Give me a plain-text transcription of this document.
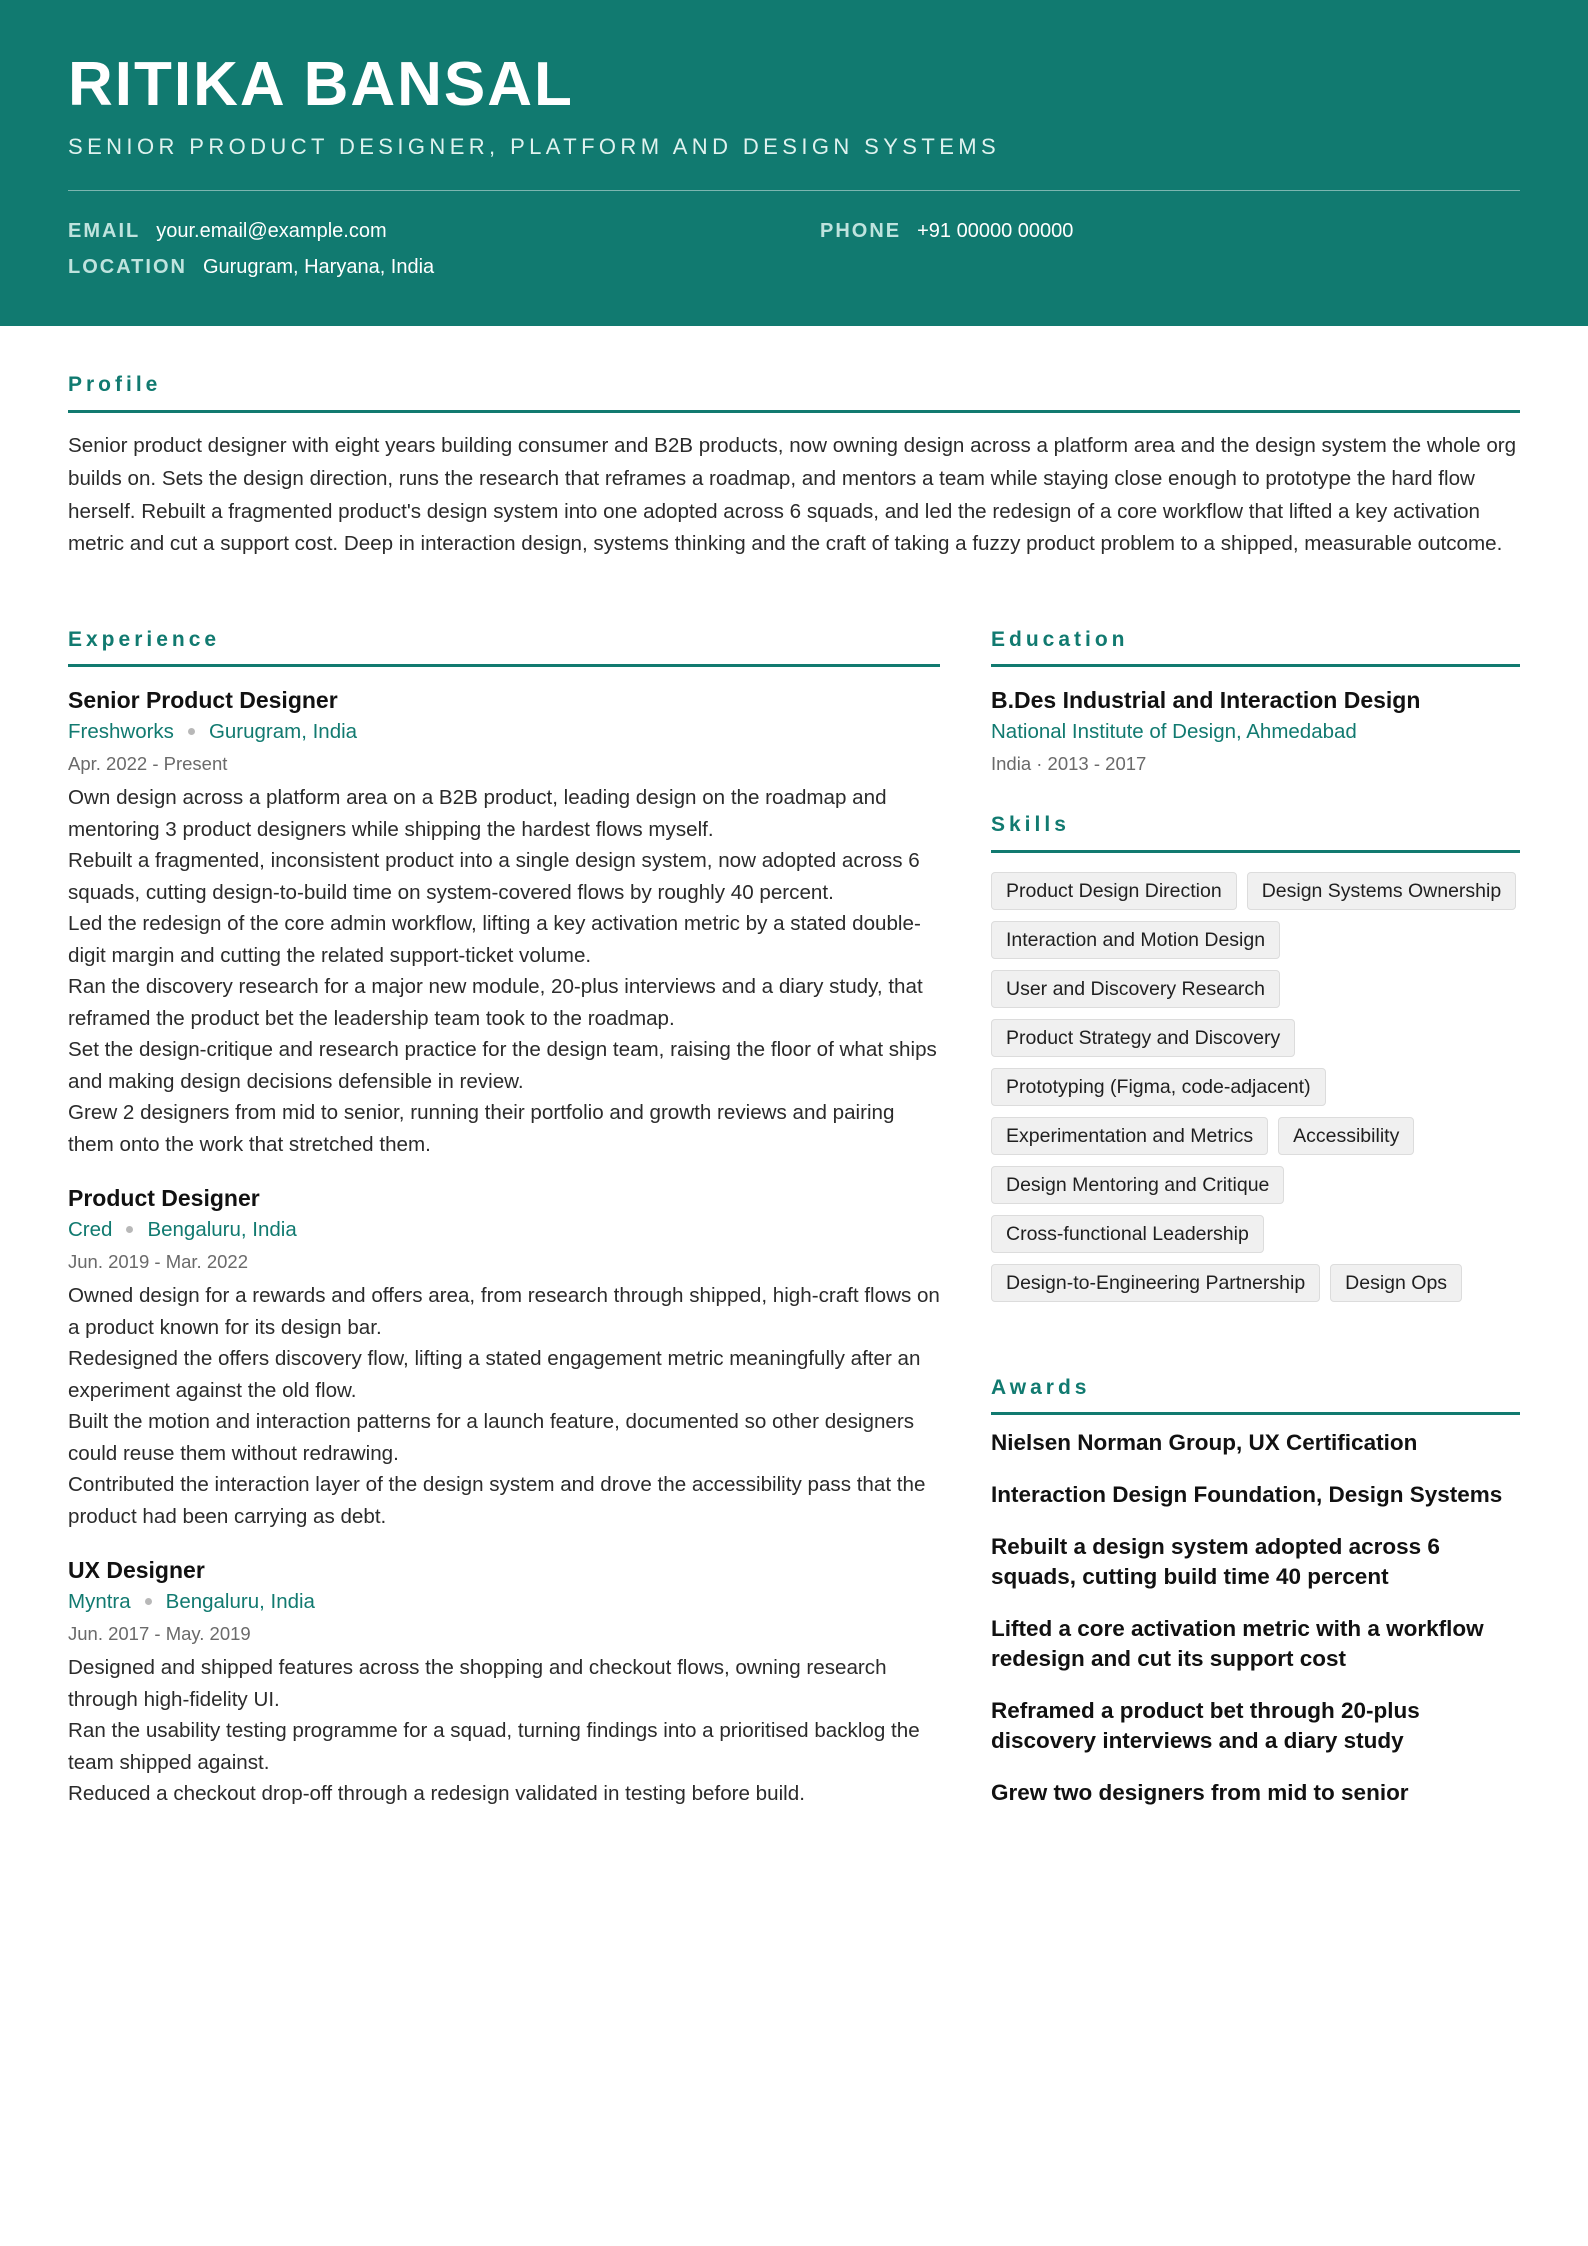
RITIKA BANSAL
SENIOR PRODUCT DESIGNER, PLATFORM AND DESIGN SYSTEMS
EMAIL your.email@example.com	PHONE +91 00000 00000
LOCATION Gurugram, Haryana, India
Profile
Senior product designer with eight years building consumer and B2B products, now owning design across a platform area and the design system the whole org builds on. Sets the design direction, runs the research that reframes a roadmap, and mentors a team while staying close enough to prototype the hard flow herself. Rebuilt a fragmented product's design system into one adopted across 6 squads, and led the redesign of a core workflow that lifted a key activation metric and cut a support cost. Deep in interaction design, systems thinking and the craft of taking a fuzzy product problem to a shipped, measurable outcome.
Experience
Senior Product Designer
Freshworks Gurugram, India
Apr. 2022 - Present
Own design across a platform area on a B2B product, leading design on the roadmap and mentoring 3 product designers while shipping the hardest flows myself.
Rebuilt a fragmented, inconsistent product into a single design system, now adopted across 6 squads, cutting design-to-build time on system-covered flows by roughly 40 percent.
Led the redesign of the core admin workflow, lifting a key activation metric by a stated double-digit margin and cutting the related support-ticket volume.
Ran the discovery research for a major new module, 20-plus interviews and a diary study, that reframed the product bet the leadership team took to the roadmap.
Set the design-critique and research practice for the design team, raising the floor of what ships and making design decisions defensible in review.
Grew 2 designers from mid to senior, running their portfolio and growth reviews and pairing them onto the work that stretched them.
Product Designer
Cred Bengaluru, India
Jun. 2019 - Mar. 2022
Owned design for a rewards and offers area, from research through shipped, high-craft flows on a product known for its design bar.
Redesigned the offers discovery flow, lifting a stated engagement metric meaningfully after an experiment against the old flow.
Built the motion and interaction patterns for a launch feature, documented so other designers could reuse them without redrawing.
Contributed the interaction layer of the design system and drove the accessibility pass that the product had been carrying as debt.
UX Designer
Myntra Bengaluru, India
Jun. 2017 - May. 2019
Designed and shipped features across the shopping and checkout flows, owning research through high-fidelity UI.
Ran the usability testing programme for a squad, turning findings into a prioritised backlog the team shipped against.
Reduced a checkout drop-off through a redesign validated in testing before build.
Education
B.Des Industrial and Interaction Design
National Institute of Design, Ahmedabad
India · 2013 - 2017
Skills
Product Design Direction	Design Systems Ownership
Interaction and Motion Design
User and Discovery Research
Product Strategy and Discovery
Prototyping (Figma, code-adjacent)
Experimentation and Metrics	Accessibility
Design Mentoring and Critique
Cross-functional Leadership
Design-to-Engineering Partnership	Design Ops
Awards
Nielsen Norman Group, UX Certification
Interaction Design Foundation, Design Systems
Rebuilt a design system adopted across 6 squads, cutting build time 40 percent
Lifted a core activation metric with a workflow redesign and cut its support cost
Reframed a product bet through 20-plus discovery interviews and a diary study
Grew two designers from mid to senior
